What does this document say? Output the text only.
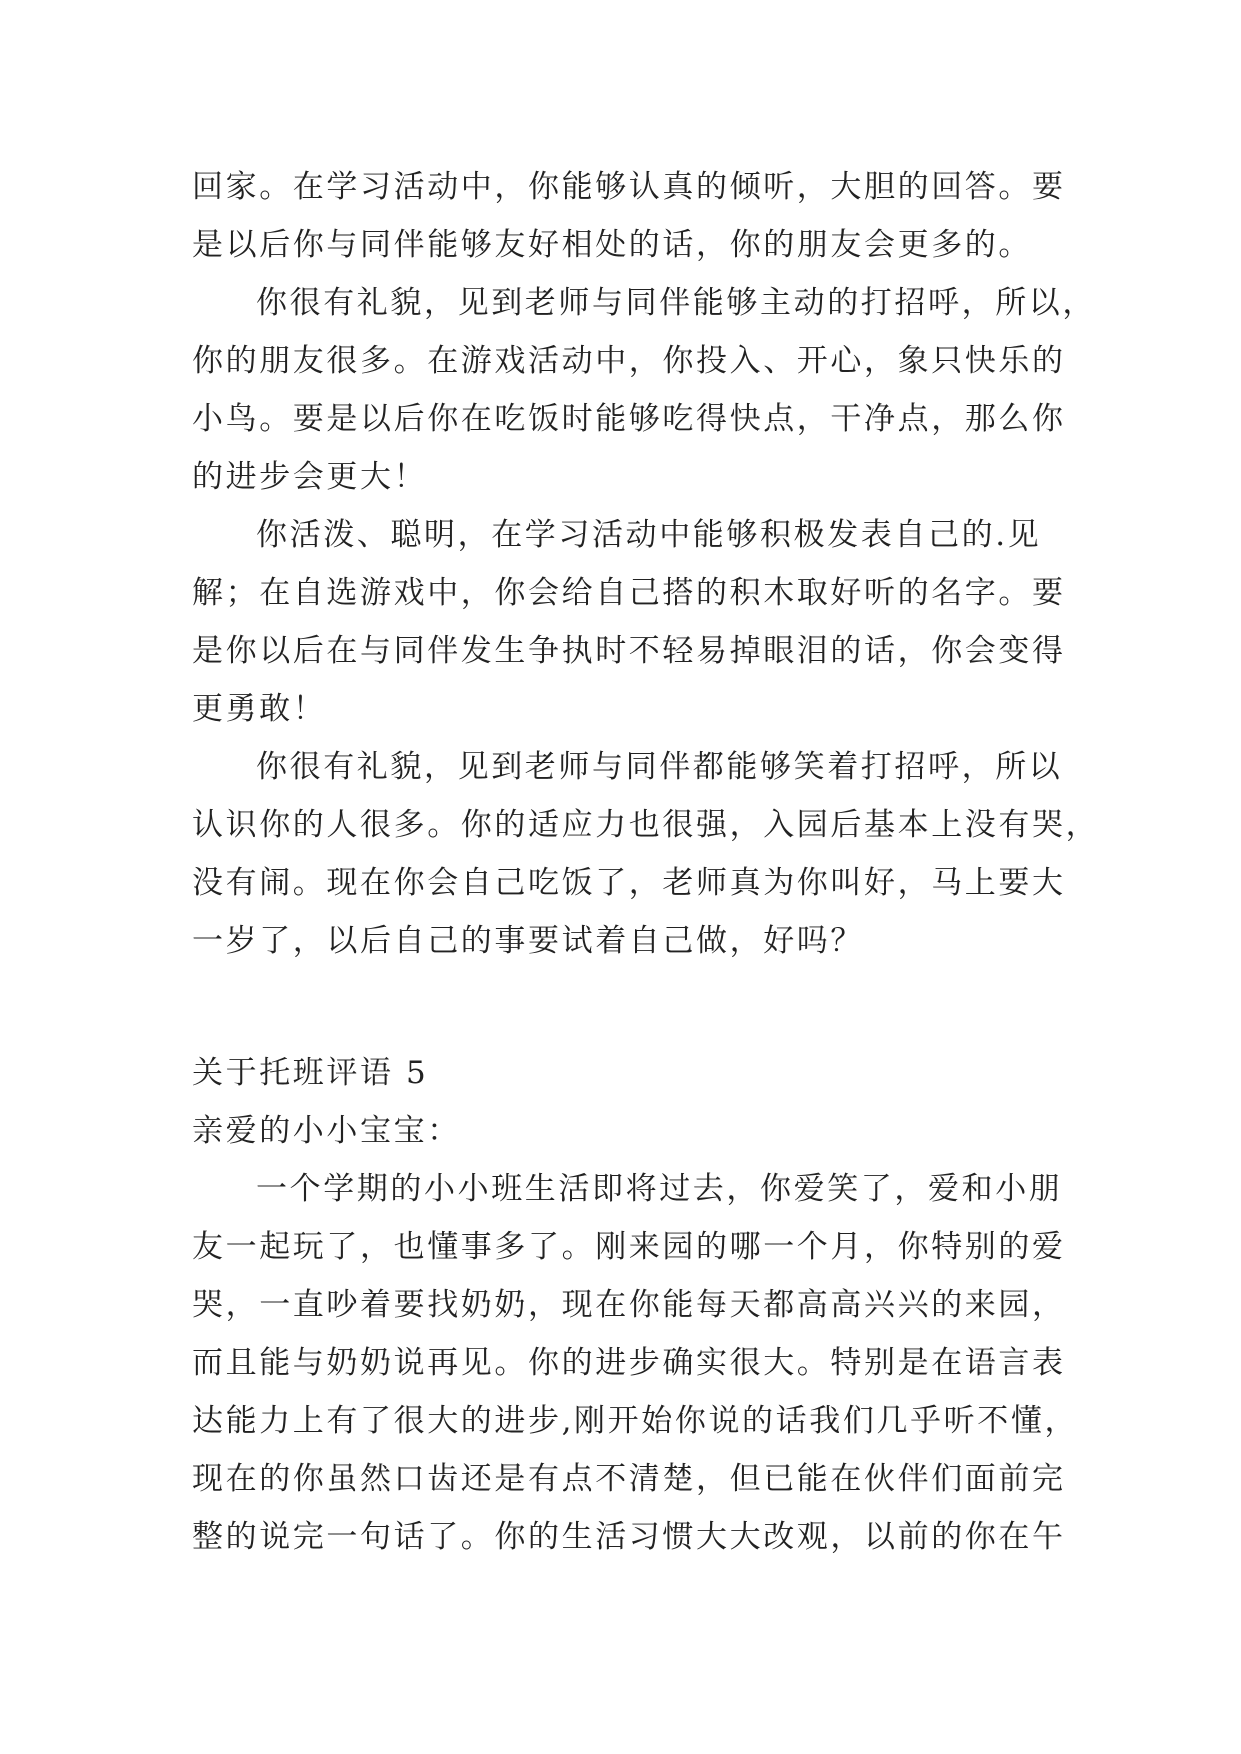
回家。在学习活动中，你能够认真的倾听，大胆的回答。要
是以后你与同伴能够友好相处的话，你的朋友会更多的。
你很有礼貌，见到老师与同伴能够主动的打招呼，所以，
你的朋友很多。在游戏活动中，你投入、开心，象只快乐的
小鸟。要是以后你在吃饭时能够吃得快点，干净点，那么你
的进步会更大！
你活泼、聪明，在学习活动中能够积极发表自己的.见
解；在自选游戏中，你会给自己搭的积木取好听的名字。要
是你以后在与同伴发生争执时不轻易掉眼泪的话，你会变得
更勇敢！
你很有礼貌，见到老师与同伴都能够笑着打招呼，所以
认识你的人很多。你的适应力也很强，入园后基本上没有哭，
没有闹。现在你会自己吃饭了，老师真为你叫好，马上要大
一岁了，以后自己的事要试着自己做，好吗？
关于托班评语 5
亲爱的小小宝宝：
一个学期的小小班生活即将过去，你爱笑了，爱和小朋
友一起玩了，也懂事多了。刚来园的哪一个月，你特别的爱
哭，一直吵着要找奶奶，现在你能每天都高高兴兴的来园，
而且能与奶奶说再见。你的进步确实很大。特别是在语言表
达能力上有了很大的进步,刚开始你说的话我们几乎听不懂，
现在的你虽然口齿还是有点不清楚，但已能在伙伴们面前完
整的说完一句话了。你的生活习惯大大改观，以前的你在午
